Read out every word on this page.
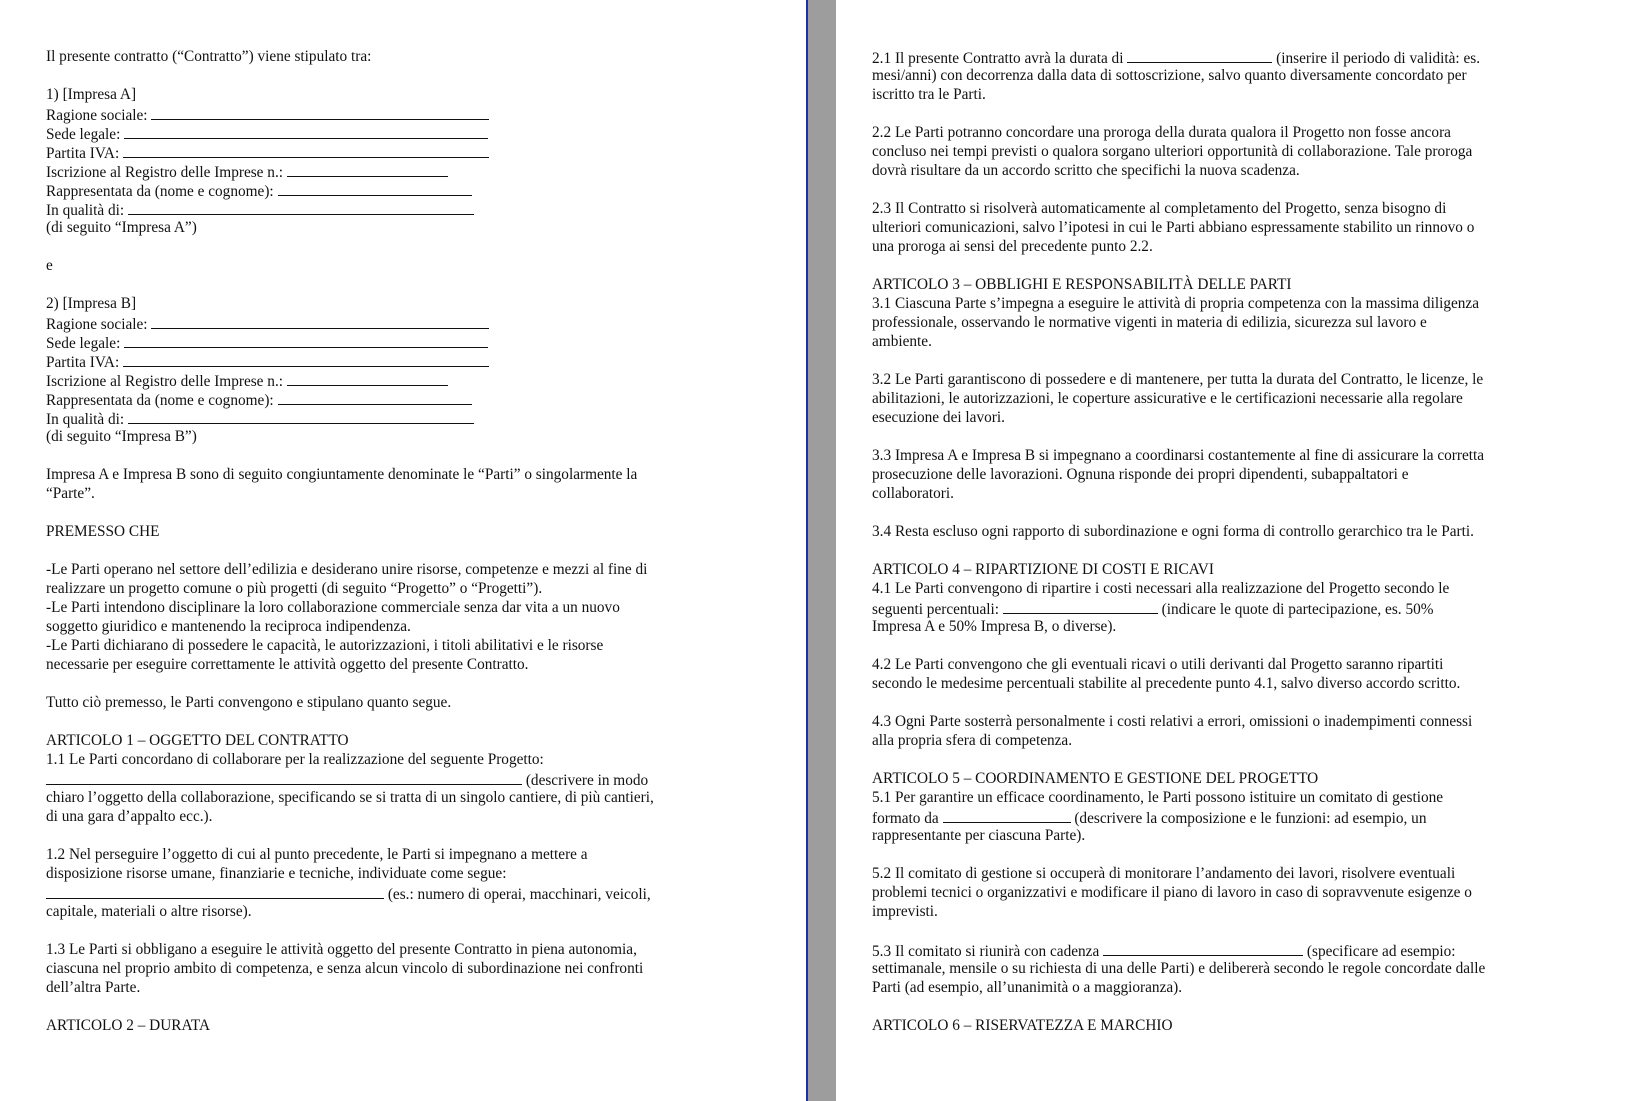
Il presente contratto (“Contratto”) viene stipulato tra:
1) [Impresa A]
Ragione sociale:
Sede legale:
Partita IVA:
Iscrizione al Registro delle Imprese n.:
Rappresentata da (nome e cognome):
In qualità di:
(di seguito “Impresa A”)
e
2) [Impresa B]
Ragione sociale:
Sede legale:
Partita IVA:
Iscrizione al Registro delle Imprese n.:
Rappresentata da (nome e cognome):
In qualità di:
(di seguito “Impresa B”)
Impresa A e Impresa B sono di seguito congiuntamente denominate le “Parti” o singolarmente la
“Parte”.
PREMESSO CHE
-Le Parti operano nel settore dell’edilizia e desiderano unire risorse, competenze e mezzi al fine di
realizzare un progetto comune o più progetti (di seguito “Progetto” o “Progetti”).
-Le Parti intendono disciplinare la loro collaborazione commerciale senza dar vita a un nuovo
soggetto giuridico e mantenendo la reciproca indipendenza.
-Le Parti dichiarano di possedere le capacità, le autorizzazioni, i titoli abilitativi e le risorse
necessarie per eseguire correttamente le attività oggetto del presente Contratto.
Tutto ciò premesso, le Parti convengono e stipulano quanto segue.
ARTICOLO 1 – OGGETTO DEL CONTRATTO
1.1 Le Parti concordano di collaborare per la realizzazione del seguente Progetto:
(descrivere in modo
chiaro l’oggetto della collaborazione, specificando se si tratta di un singolo cantiere, di più cantieri,
di una gara d’appalto ecc.).
1.2 Nel perseguire l’oggetto di cui al punto precedente, le Parti si impegnano a mettere a
disposizione risorse umane, finanziarie e tecniche, individuate come segue:
(es.: numero di operai, macchinari, veicoli,
capitale, materiali o altre risorse).
1.3 Le Parti si obbligano a eseguire le attività oggetto del presente Contratto in piena autonomia,
ciascuna nel proprio ambito di competenza, e senza alcun vincolo di subordinazione nei confronti
dell’altra Parte.
ARTICOLO 2 – DURATA
2.1 Il presente Contratto avrà la durata di	(inserire il periodo di validità: es.
mesi/anni) con decorrenza dalla data di sottoscrizione, salvo quanto diversamente concordato per
iscritto tra le Parti.
2.2 Le Parti potranno concordare una proroga della durata qualora il Progetto non fosse ancora
concluso nei tempi previsti o qualora sorgano ulteriori opportunità di collaborazione. Tale proroga
dovrà risultare da un accordo scritto che specifichi la nuova scadenza.
2.3 Il Contratto si risolverà automaticamente al completamento del Progetto, senza bisogno di
ulteriori comunicazioni, salvo l’ipotesi in cui le Parti abbiano espressamente stabilito un rinnovo o
una proroga ai sensi del precedente punto 2.2.
ARTICOLO 3 – OBBLIGHI E RESPONSABILITÀ DELLE PARTI
3.1 Ciascuna Parte s’impegna a eseguire le attività di propria competenza con la massima diligenza
professionale, osservando le normative vigenti in materia di edilizia, sicurezza sul lavoro e
ambiente.
3.2 Le Parti garantiscono di possedere e di mantenere, per tutta la durata del Contratto, le licenze, le
abilitazioni, le autorizzazioni, le coperture assicurative e le certificazioni necessarie alla regolare
esecuzione dei lavori.
3.3 Impresa A e Impresa B si impegnano a coordinarsi costantemente al fine di assicurare la corretta
prosecuzione delle lavorazioni. Ognuna risponde dei propri dipendenti, subappaltatori e
collaboratori.
3.4 Resta escluso ogni rapporto di subordinazione e ogni forma di controllo gerarchico tra le Parti.
ARTICOLO 4 – RIPARTIZIONE DI COSTI E RICAVI
4.1 Le Parti convengono di ripartire i costi necessari alla realizzazione del Progetto secondo le
seguenti percentuali:	(indicare le quote di partecipazione, es. 50%
Impresa A e 50% Impresa B, o diverse).
4.2 Le Parti convengono che gli eventuali ricavi o utili derivanti dal Progetto saranno ripartiti
secondo le medesime percentuali stabilite al precedente punto 4.1, salvo diverso accordo scritto.
4.3 Ogni Parte sosterrà personalmente i costi relativi a errori, omissioni o inadempimenti connessi
alla propria sfera di competenza.
ARTICOLO 5 – COORDINAMENTO E GESTIONE DEL PROGETTO
5.1 Per garantire un efficace coordinamento, le Parti possono istituire un comitato di gestione
formato da	(descrivere la composizione e le funzioni: ad esempio, un
rappresentante per ciascuna Parte).
5.2 Il comitato di gestione si occuperà di monitorare l’andamento dei lavori, risolvere eventuali
problemi tecnici o organizzativi e modificare il piano di lavoro in caso di sopravvenute esigenze o
imprevisti.
5.3 Il comitato si riunirà con cadenza	(specificare ad esempio:
settimanale, mensile o su richiesta di una delle Parti) e delibererà secondo le regole concordate dalle
Parti (ad esempio, all’unanimità o a maggioranza).
ARTICOLO 6 – RISERVATEZZA E MARCHIO
